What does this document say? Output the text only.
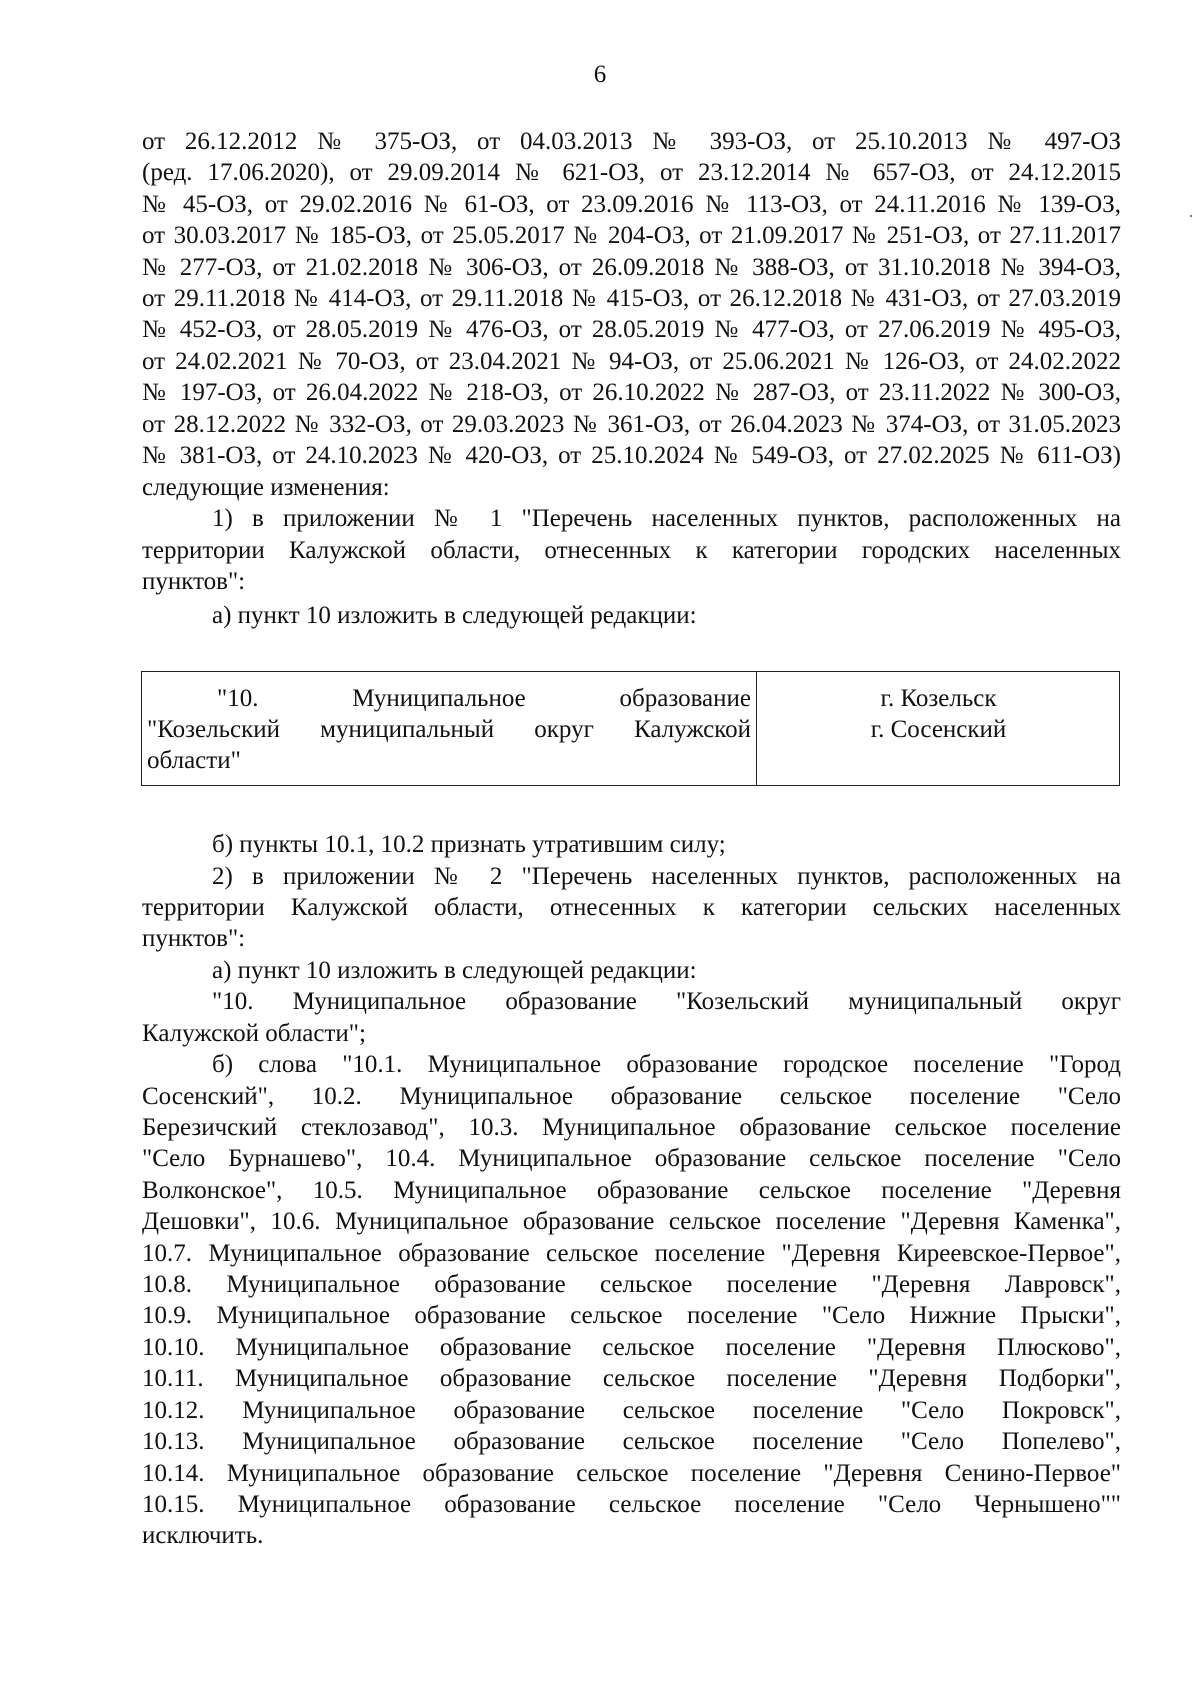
6
от 26.12.2012 № 375-ОЗ, от 04.03.2013 № 393-ОЗ, от 25.10.2013 № 497-ОЗ
(ред. 17.06.2020), от 29.09.2014 № 621-ОЗ, от 23.12.2014 № 657-ОЗ, от 24.12.2015
№ 45-ОЗ, от 29.02.2016 № 61-ОЗ, от 23.09.2016 № 113-ОЗ, от 24.11.2016 № 139-ОЗ,
от 30.03.2017 № 185-ОЗ, от 25.05.2017 № 204-ОЗ, от 21.09.2017 № 251-ОЗ, от 27.11.2017
№ 277-ОЗ, от 21.02.2018 № 306-ОЗ, от 26.09.2018 № 388-ОЗ, от 31.10.2018 № 394-ОЗ,
от 29.11.2018 № 414-ОЗ, от 29.11.2018 № 415-ОЗ, от 26.12.2018 № 431-ОЗ, от 27.03.2019
№ 452-ОЗ, от 28.05.2019 № 476-ОЗ, от 28.05.2019 № 477-ОЗ, от 27.06.2019 № 495-ОЗ,
от 24.02.2021 № 70-ОЗ, от 23.04.2021 № 94-ОЗ, от 25.06.2021 № 126-ОЗ, от 24.02.2022
№ 197-ОЗ, от 26.04.2022 № 218-ОЗ, от 26.10.2022 № 287-ОЗ, от 23.11.2022 № 300-ОЗ,
от 28.12.2022 № 332-ОЗ, от 29.03.2023 № 361-ОЗ, от 26.04.2023 № 374-ОЗ, от 31.05.2023
№ 381-ОЗ, от 24.10.2023 № 420-ОЗ, от 25.10.2024 № 549-ОЗ, от 27.02.2025 № 611-ОЗ)
следующие изменения:
1) в приложении № 1 "Перечень населенных пунктов, расположенных на
территории Калужской области, отнесенных к категории городских населенных
пунктов":
а) пункт 10 изложить в следующей редакции:
"10. Муниципальное образование
"Козельский муниципальный округ Калужской
области"
г. Козельск
г. Сосенский
б) пункты 10.1, 10.2 признать утратившим силу;
2) в приложении № 2 "Перечень населенных пунктов, расположенных на
территории Калужской области, отнесенных к категории сельских населенных
пунктов":
а) пункт 10 изложить в следующей редакции:
"10. Муниципальное образование "Козельский муниципальный округ
Калужской области";
б) слова "10.1. Муниципальное образование городское поселение "Город
Сосенский", 10.2. Муниципальное образование сельское поселение "Село
Березичский стеклозавод", 10.3. Муниципальное образование сельское поселение
"Село Бурнашево", 10.4. Муниципальное образование сельское поселение "Село
Волконское", 10.5. Муниципальное образование сельское поселение "Деревня
Дешовки", 10.6. Муниципальное образование сельское поселение "Деревня Каменка",
10.7. Муниципальное образование сельское поселение "Деревня Киреевское-Первое",
10.8. Муниципальное образование сельское поселение "Деревня Лавровск",
10.9. Муниципальное образование сельское поселение "Село Нижние Прыски",
10.10. Муниципальное образование сельское поселение "Деревня Плюсково",
10.11. Муниципальное образование сельское поселение "Деревня Подборки",
10.12. Муниципальное образование сельское поселение "Село Покровск",
10.13. Муниципальное образование сельское поселение "Село Попелево",
10.14. Муниципальное образование сельское поселение "Деревня Сенино-Первое"
10.15. Муниципальное образование сельское поселение "Село Чернышено""
исключить.
